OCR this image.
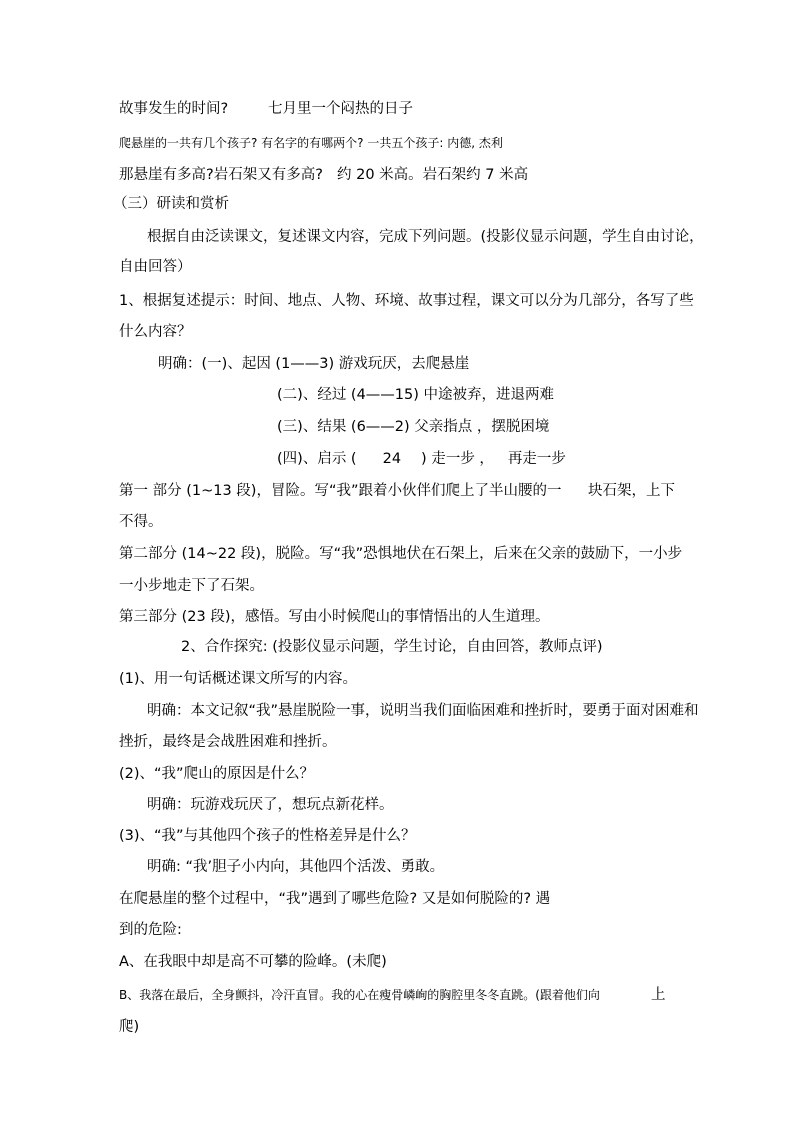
故事发生的时间?	七月里一个闷热的日子
爬悬崖的一共有几个孩子? 有名字的有哪两个? 一共五个孩子: 内德, 杰利
那悬崖有多高?岩石架又有多高? 约 20 米高。岩石架约 7 米高
（三）研读和赏析
根据自由泛读课文，复述课文内容，完成下列问题。(投影仪显示问题，学生自由讨论，
自由回答）
1、根据复述提示：时间、地点、人物、环境、故事过程，课文可以分为几部分，各写了些
什么内容？
明确：(一)、起因 (1——3) 游戏玩厌，去爬悬崖
(二)、经过 (4——15) 中途被弃，进退两难
(三)、结果 (6——2) 父亲指点 ，摆脱困境
(四)、启示 ( 24 ) 走一步 ， 再走一步
第一 部分 (1~13 段)，冒险。写“我”跟着小伙伴们爬上了半山腰的一 块石架，上下
不得。
第二部分 (14~22 段)，脱险。写“我”恐惧地伏在石架上，后来在父亲的鼓励下，一小步
一小步地走下了石架。
第三部分 (23 段)，感悟。写由小时候爬山的事情悟出的人生道理。
2、合作探究: (投影仪显示问题，学生讨论，自由回答，教师点评)
(1)、用一句话概述课文所写的内容。
明确：本文记叙“我”悬崖脱险一事，说明当我们面临困难和挫折时，要勇于面对困难和
挫折，最终是会战胜困难和挫折。
(2)、“我”爬山的原因是什么？
明确：玩游戏玩厌了，想玩点新花样。
(3)、“我”与其他四个孩子的性格差异是什么？
明确: “我’胆子小内向，其他四个活泼、勇敢。
在爬悬崖的整个过程中，“我”遇到了哪些危险? 又是如何脱险的? 遇
到的危险:
A、在我眼中却是高不可攀的险峰。(未爬)
B、我落在最后，全身颤抖，冷汗直冒。我的心在瘦骨嶙峋的胸腔里冬冬直跳。(跟着他们向	上
爬)
